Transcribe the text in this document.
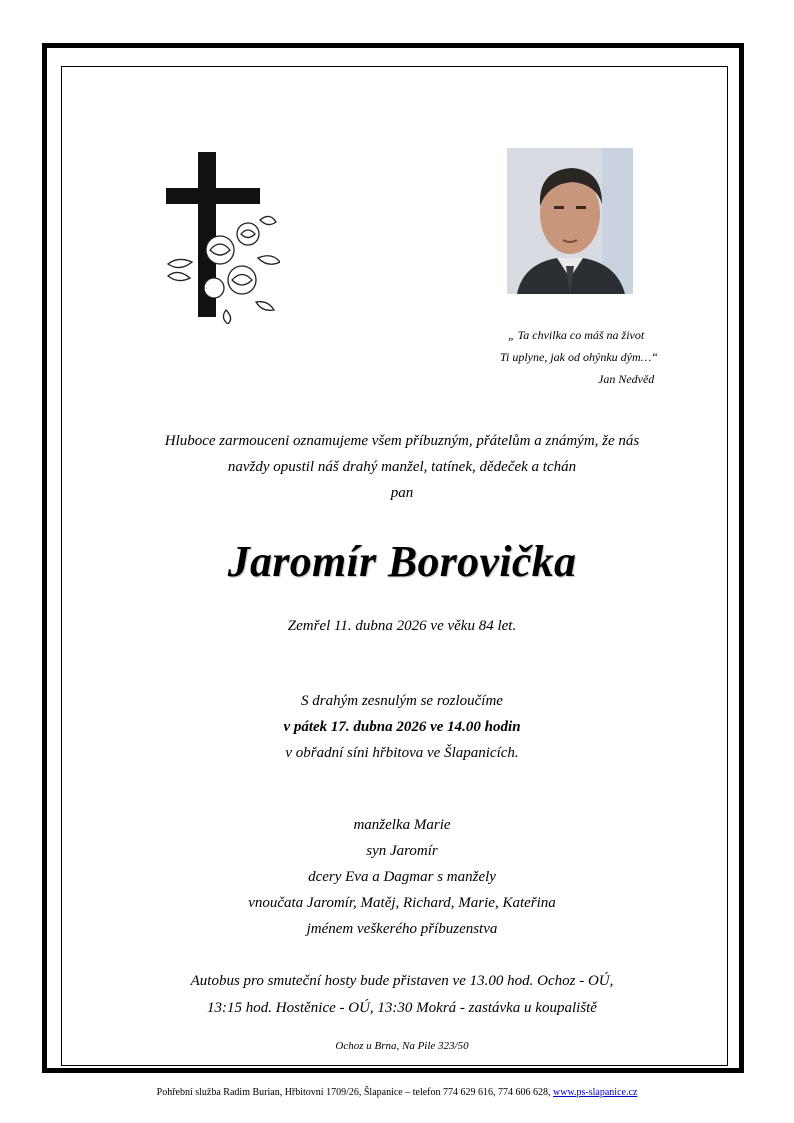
„ Ta chvilka co máš na život
Ti uplyne, jak od ohýnku dým…“
Jan Nedvěd
Hluboce zarmouceni oznamujeme všem příbuzným, přátelům a známým, že nás
navždy opustil náš drahý manžel, tatínek, dědeček a tchán
pan
Jaromír Borovička
Zemřel 11. dubna 2026 ve věku 84 let.
S drahým zesnulým se rozloučíme
v pátek 17. dubna 2026 ve 14.00 hodin
v obřadní síni hřbitova ve Šlapanicích.
manželka Marie
syn Jaromír
dcery Eva a Dagmar s manžely
vnoučata Jaromír, Matěj, Richard, Marie, Kateřina
jménem veškerého příbuzenstva
Autobus pro smuteční hosty bude přistaven ve 13.00 hod. Ochoz - OÚ,
13:15 hod. Hostěnice - OÚ, 13:30 Mokrá - zastávka u koupaliště
Ochoz u Brna, Na Pile 323/50
Pohřební služba Radim Burian, Hřbitovní 1709/26, Šlapanice – telefon 774 629 616, 774 606 628, www.ps-slapanice.cz
